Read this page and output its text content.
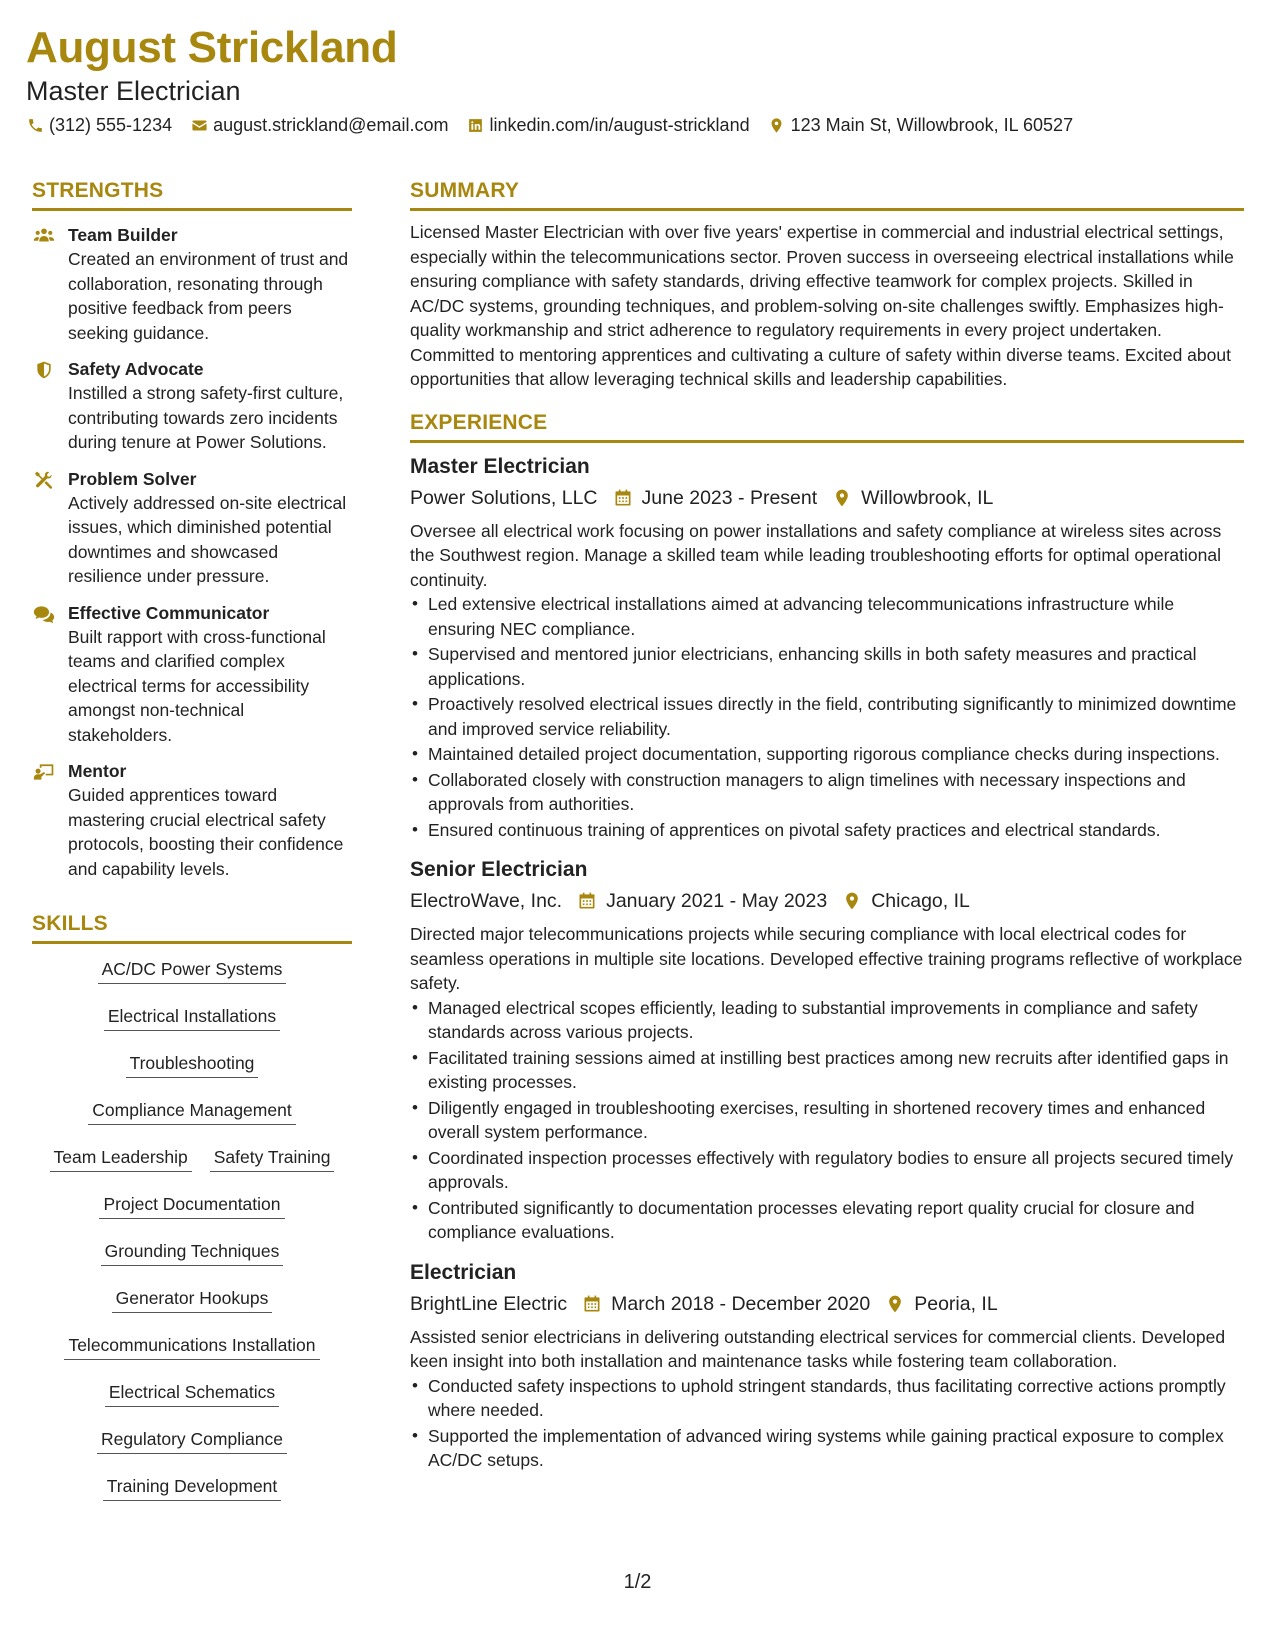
August Strickland
Master Electrician
(312) 555-1234 august.strickland@email.com linkedin.com/in/august-strickland 123 Main St, Willowbrook, IL 60527
STRENGTHS
Team Builder
Created an environment of trust and collaboration, resonating through positive feedback from peers seeking guidance.
Safety Advocate
Instilled a strong safety-first culture, contributing towards zero incidents during tenure at Power Solutions.
Problem Solver
Actively addressed on-site electrical issues, which diminished potential downtimes and showcased resilience under pressure.
Effective Communicator
Built rapport with cross-functional teams and clarified complex electrical terms for accessibility amongst non-technical stakeholders.
Mentor
Guided apprentices toward mastering crucial electrical safety protocols, boosting their confidence and capability levels.
SKILLS
AC/DC Power Systems
Electrical Installations
Troubleshooting
Compliance Management
Team Leadership Safety Training
Project Documentation
Grounding Techniques
Generator Hookups
Telecommunications Installation
Electrical Schematics
Regulatory Compliance
Training Development
SUMMARY

Licensed Master Electrician with over five years' expertise in commercial and industrial electrical settings, especially within the telecommunications sector. Proven success in overseeing electrical installations while ensuring compliance with safety standards, driving effective teamwork for complex projects. Skilled in AC/DC systems, grounding techniques, and problem-solving on-site challenges swiftly. Emphasizes high-quality workmanship and strict adherence to regulatory requirements in every project undertaken. Committed to mentoring apprentices and cultivating a culture of safety within diverse teams. Excited about opportunities that allow leveraging technical skills and leadership capabilities.

EXPERIENCE
Master Electrician
Power Solutions, LLC June 2023 - Present Willowbrook, IL

Oversee all electrical work focusing on power installations and safety compliance at wireless sites across the Southwest region. Manage a skilled team while leading troubleshooting efforts for optimal operational continuity.

• Led extensive electrical installations aimed at advancing telecommunications infrastructure while ensuring NEC compliance.
• Supervised and mentored junior electricians, enhancing skills in both safety measures and practical applications.
• Proactively resolved electrical issues directly in the field, contributing significantly to minimized downtime and improved service reliability.
• Maintained detailed project documentation, supporting rigorous compliance checks during inspections.
• Collaborated closely with construction managers to align timelines with necessary inspections and approvals from authorities.
• Ensured continuous training of apprentices on pivotal safety practices and electrical standards.
Senior Electrician
ElectroWave, Inc. January 2021 - May 2023 Chicago, IL

Directed major telecommunications projects while securing compliance with local electrical codes for seamless operations in multiple site locations. Developed effective training programs reflective of workplace safety.

• Managed electrical scopes efficiently, leading to substantial improvements in compliance and safety standards across various projects.
• Facilitated training sessions aimed at instilling best practices among new recruits after identified gaps in existing processes.
• Diligently engaged in troubleshooting exercises, resulting in shortened recovery times and enhanced overall system performance.
• Coordinated inspection processes effectively with regulatory bodies to ensure all projects secured timely approvals.
• Contributed significantly to documentation processes elevating report quality crucial for closure and compliance evaluations.
Electrician
BrightLine Electric March 2018 - December 2020 Peoria, IL

Assisted senior electricians in delivering outstanding electrical services for commercial clients. Developed keen insight into both installation and maintenance tasks while fostering team collaboration.

• Conducted safety inspections to uphold stringent standards, thus facilitating corrective actions promptly where needed.
• Supported the implementation of advanced wiring systems while gaining practical exposure to complex AC/DC setups.
1/2
